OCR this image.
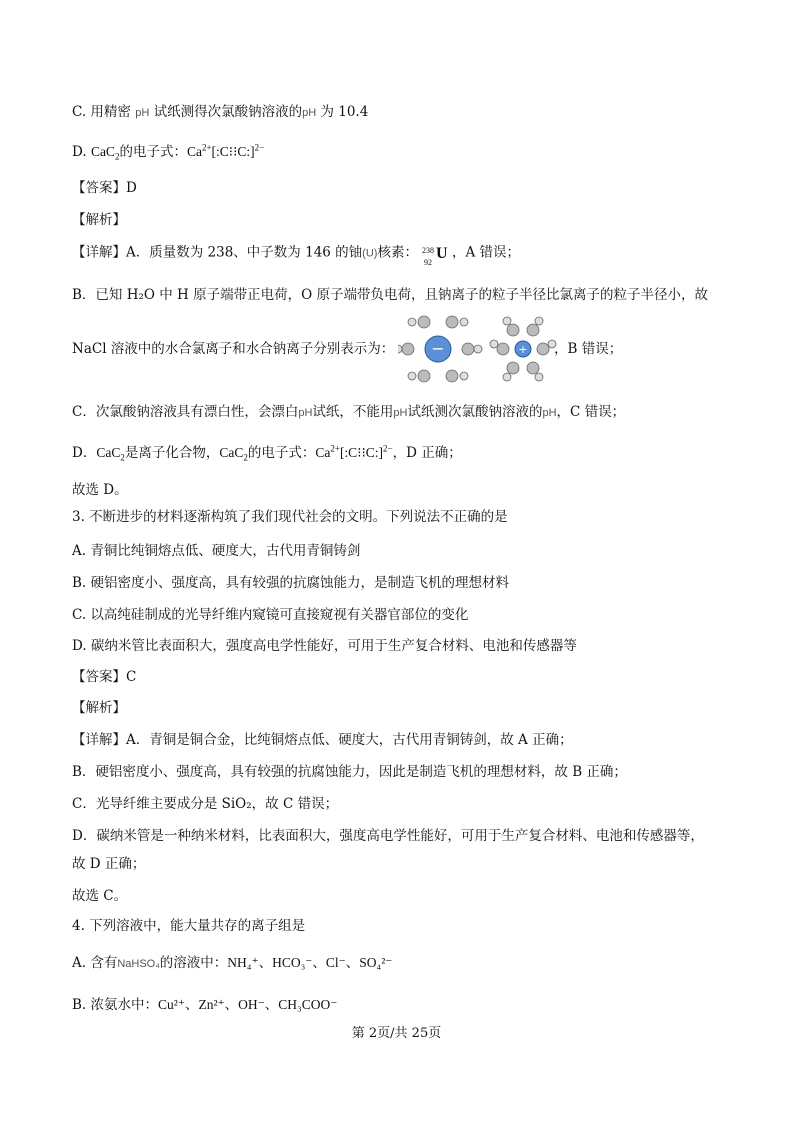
C. 用精密 pH 试纸测得次氯酸钠溶液的pH 为 10.4
D. CaC$_2$的电子式：$Ca^{2+}[:C⁝⁝C:]^{2-}$
【答案】D
【解析】
【详解】A．质量数为 238、中子数为 146 的铀(U)核素： 238
92
U ，A 错误；
B．已知 H₂O 中 H 原子端带正电荷，O 原子端带负电荷，且钠离子的粒子半径比氯离子的粒子半径小，故
NaCl 溶液中的水合氯离子和水合钠离子分别表示为： −	+ ，B 错误；
C．次氯酸钠溶液具有漂白性，会漂白pH试纸，不能用pH试纸测次氯酸钠溶液的pH，C 错误；
D．CaC$_2$是离子化合物，CaC$_2$的电子式：$Ca^{2+}[:C⁝⁝C:]^{2-}$，D 正确；
故选 D。
3. 不断进步的材料逐渐构筑了我们现代社会的文明。下列说法不正确的是
A. 青铜比纯铜熔点低、硬度大，古代用青铜铸剑
B. 硬铝密度小、强度高，具有较强的抗腐蚀能力，是制造飞机的理想材料
C. 以高纯硅制成的光导纤维内窥镜可直接窥视有关器官部位的变化
D. 碳纳米管比表面积大，强度高电学性能好，可用于生产复合材料、电池和传感器等
【答案】C
【解析】
【详解】A．青铜是铜合金，比纯铜熔点低、硬度大，古代用青铜铸剑，故 A 正确；
B．硬铝密度小、强度高，具有较强的抗腐蚀能力，因此是制造飞机的理想材料，故 B 正确；
C．光导纤维主要成分是 SiO₂，故 C 错误；
D．碳纳米管是一种纳米材料，比表面积大，强度高电学性能好，可用于生产复合材料、电池和传感器等，
故 D 正确；
故选 C。
4. 下列溶液中，能大量共存的离子组是
A. 含有NaHSO₄的溶液中：NH₄⁺、HCO₃⁻、Cl⁻、SO₄²⁻
B. 浓氨水中：Cu²⁺、Zn²⁺、OH⁻、CH₃COO⁻
第 2页/共 25页
